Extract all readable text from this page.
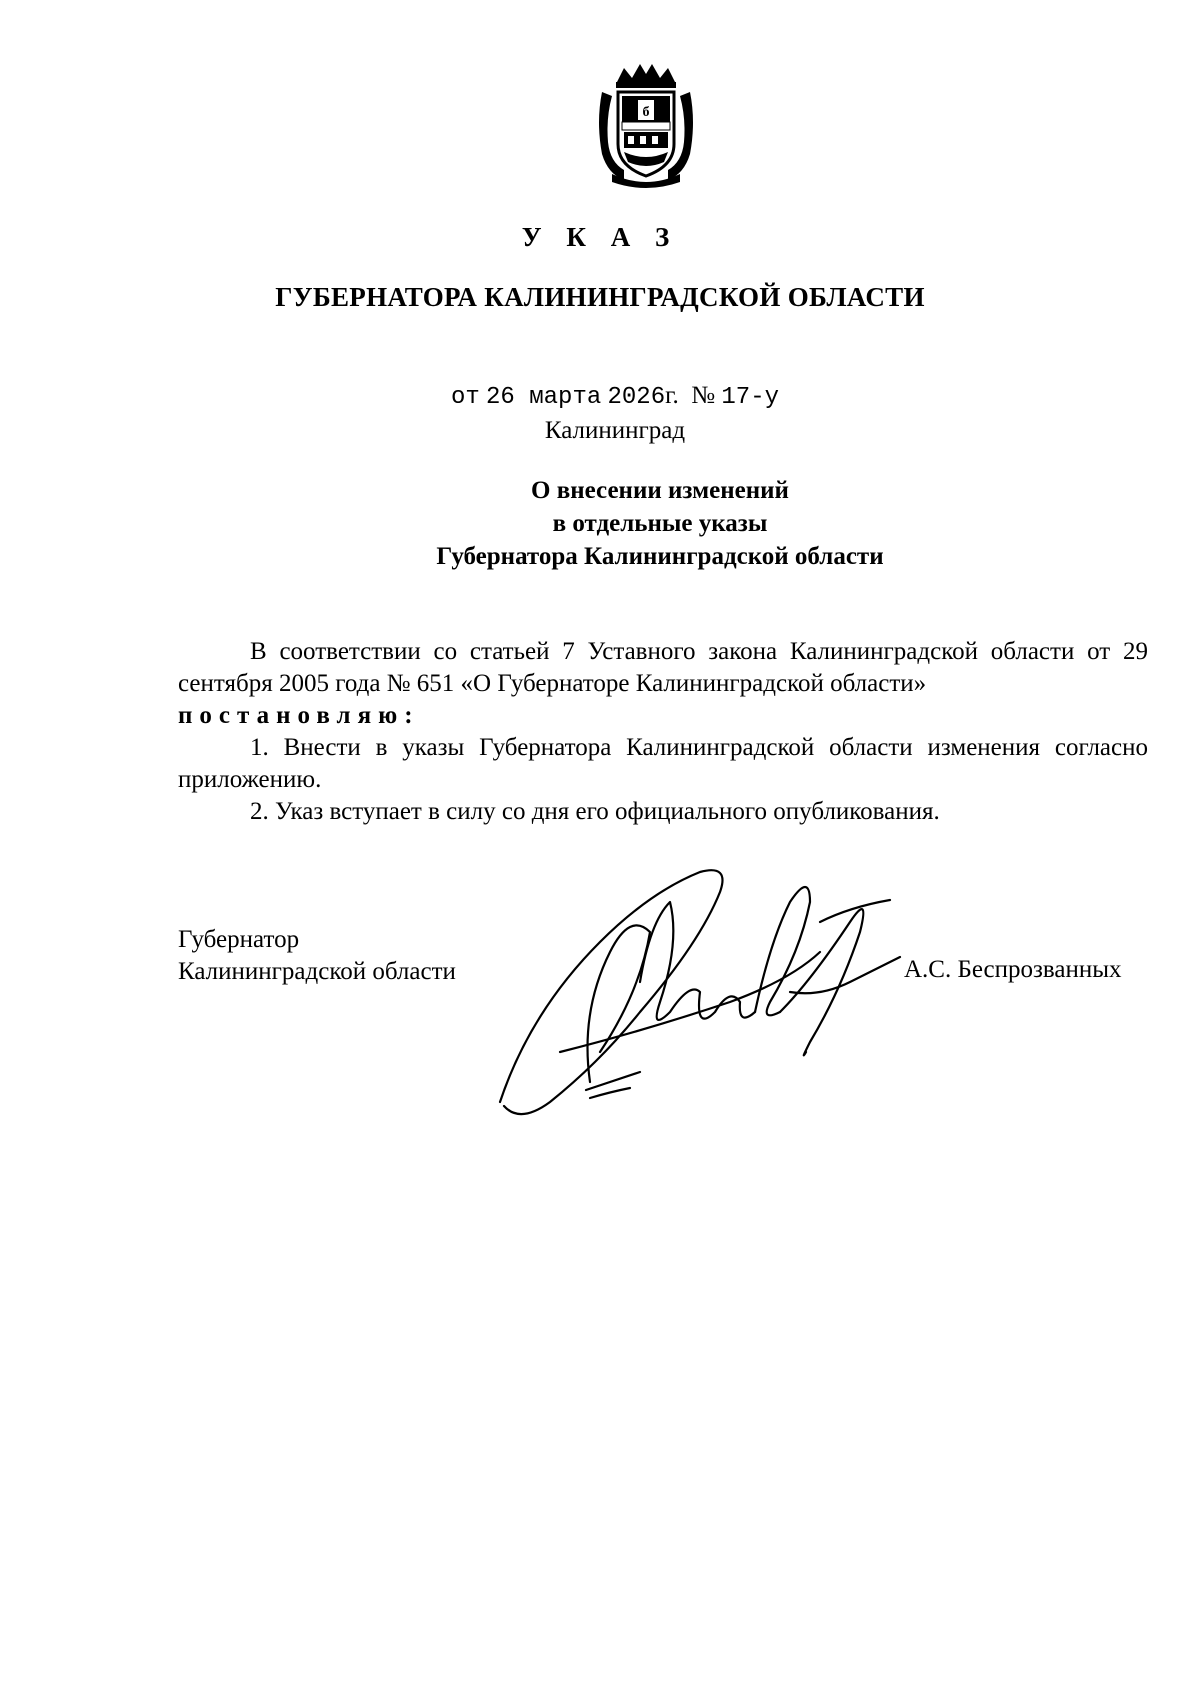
б
У К А З
ГУБЕРНАТОРА КАЛИНИНГРАДСКОЙ ОБЛАСТИ
от 26 марта 2026г. № 17-у
Калининград
О внесении изменений
в отдельные указы
Губернатора Калининградской области

В соответствии со статьей 7 Уставного закона Калининградской области от 29 сентября 2005 года № 651 «О Губернаторе Калининградской области»

постановляю:

1. Внести в указы Губернатора Калининградской области изменения согласно приложению.

2. Указ вступает в силу со дня его официального опубликования.

Губернатор
Калининградской области	А.С. Беспрозванных
